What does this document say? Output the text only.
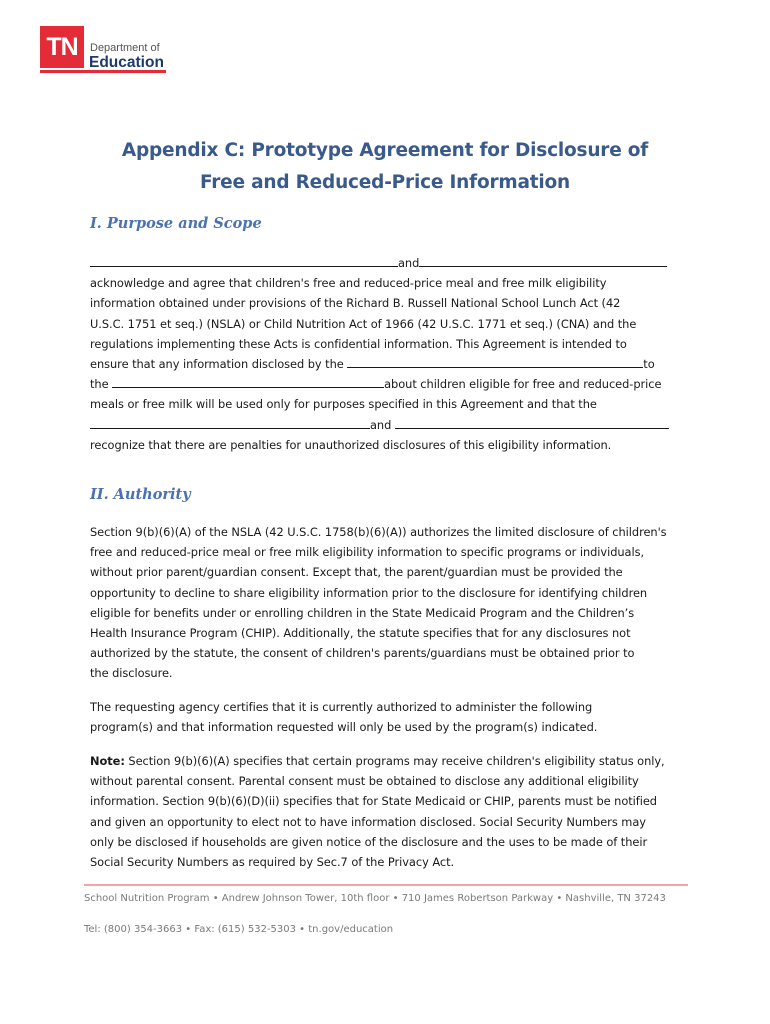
TN	Department of
Education
Appendix C: Prototype Agreement for Disclosure of
Free and Reduced-Price Information
I. Purpose and Scope
and
acknowledge and agree that children's free and reduced-price meal and free milk eligibility
information obtained under provisions of the Richard B. Russell National School Lunch Act (42
U.S.C. 1751 et seq.) (NSLA) or Child Nutrition Act of 1966 (42 U.S.C. 1771 et seq.) (CNA) and the
regulations implementing these Acts is confidential information. This Agreement is intended to
ensure that any information disclosed by the	to
the	about children eligible for free and reduced-price
meals or free milk will be used only for purposes specified in this Agreement and that the
and
recognize that there are penalties for unauthorized disclosures of this eligibility information.
II. Authority
Section 9(b)(6)(A) of the NSLA (42 U.S.C. 1758(b)(6)(A)) authorizes the limited disclosure of children's
free and reduced-price meal or free milk eligibility information to specific programs or individuals,
without prior parent/guardian consent. Except that, the parent/guardian must be provided the
opportunity to decline to share eligibility information prior to the disclosure for identifying children
eligible for benefits under or enrolling children in the State Medicaid Program and the Children’s
Health Insurance Program (CHIP). Additionally, the statute specifies that for any disclosures not
authorized by the statute, the consent of children's parents/guardians must be obtained prior to
the disclosure.
The requesting agency certifies that it is currently authorized to administer the following
program(s) and that information requested will only be used by the program(s) indicated.
Note: Section 9(b)(6)(A) specifies that certain programs may receive children's eligibility status only,
without parental consent. Parental consent must be obtained to disclose any additional eligibility
information. Section 9(b)(6)(D)(ii) specifies that for State Medicaid or CHIP, parents must be notified
and given an opportunity to elect not to have information disclosed. Social Security Numbers may
only be disclosed if households are given notice of the disclosure and the uses to be made of their
Social Security Numbers as required by Sec.7 of the Privacy Act.
School Nutrition Program • Andrew Johnson Tower, 10th floor • 710 James Robertson Parkway • Nashville, TN 37243
Tel: (800) 354-3663 • Fax: (615) 532-5303 • tn.gov/education
